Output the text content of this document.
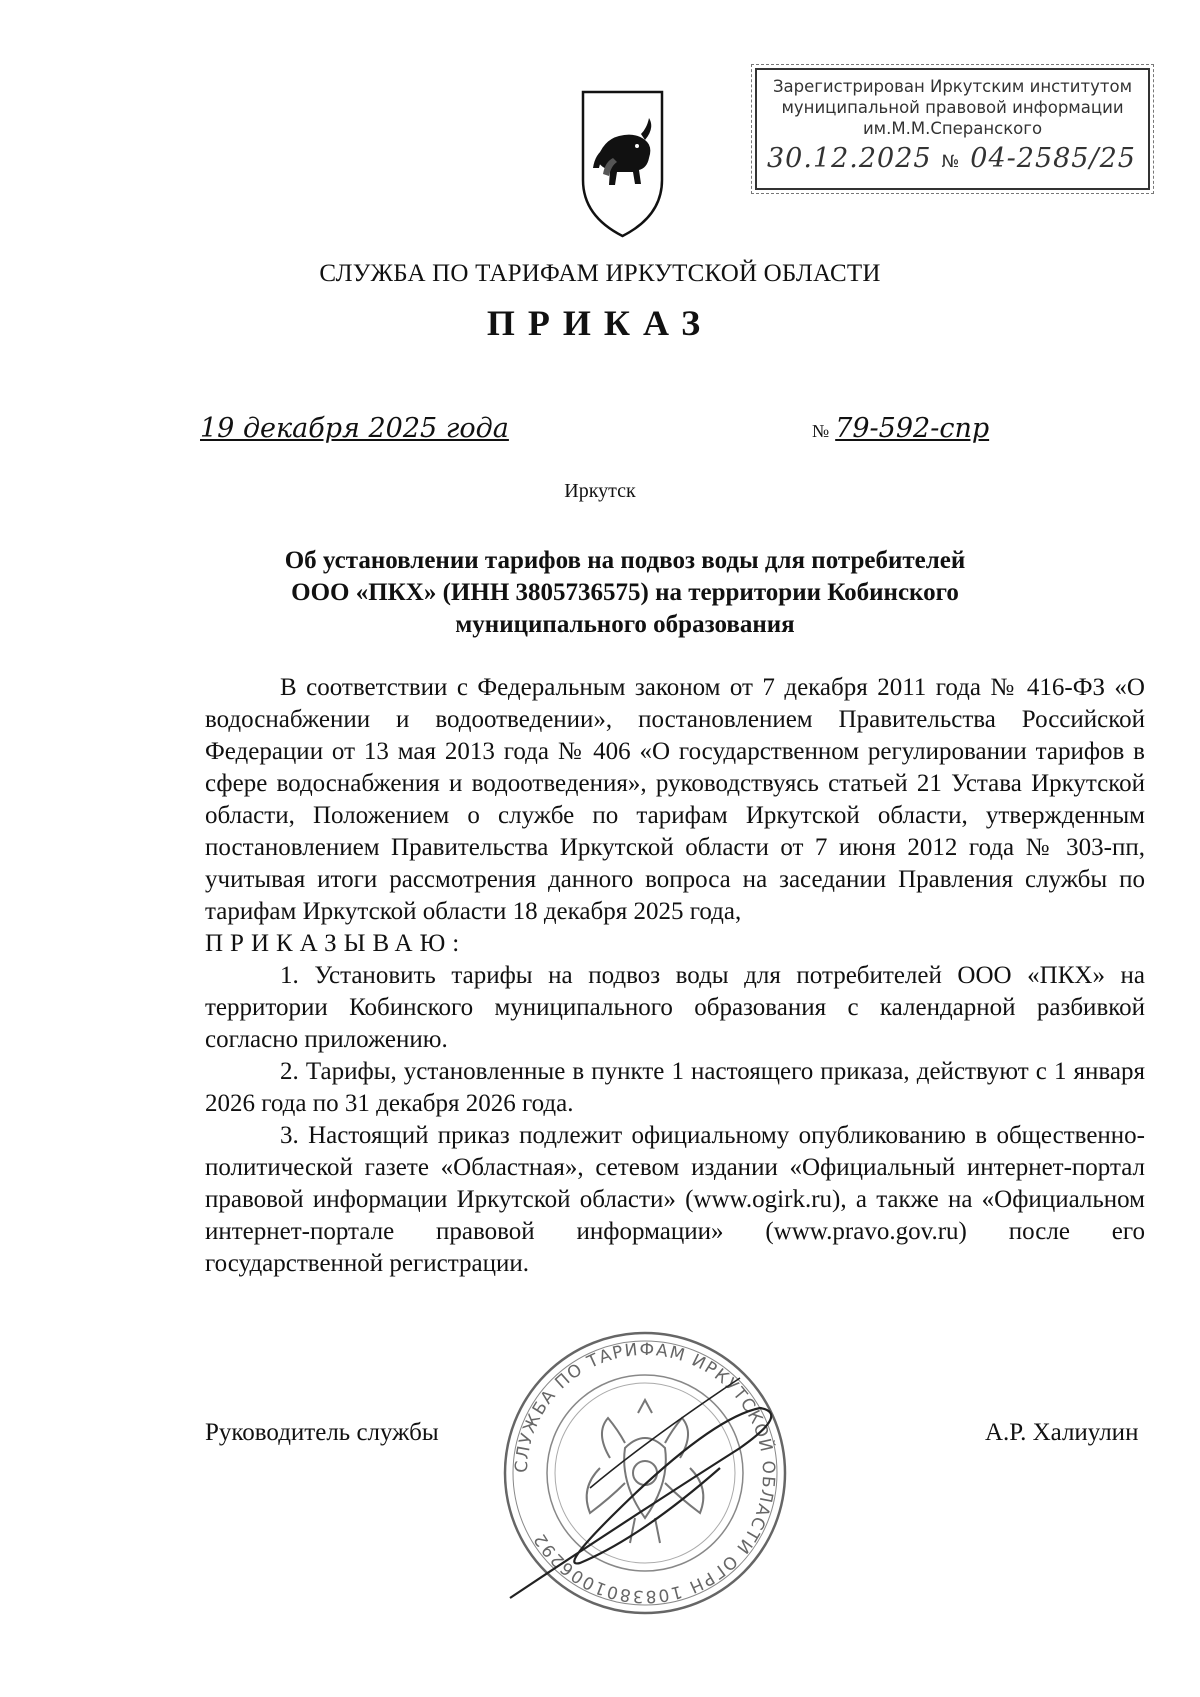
Зарегистрирован Иркутским институтом
муниципальной правовой информации
им.М.М.Сперанского
30.12.2025 № 04-2585/25
СЛУЖБА ПО ТАРИФАМ ИРКУТСКОЙ ОБЛАСТИ
ПРИКАЗ
19 декабря 2025 года	№ 79-592-спр
Иркутск
Об установлении тарифов на подвоз воды для потребителей
ООО «ПКХ» (ИНН 3805736575) на территории Кобинского
муниципального образования

В соответствии с Федеральным законом от 7 декабря 2011 года № 416-ФЗ «О водоснабжении и водоотведении», постановлением Правительства Российской Федерации от 13 мая 2013 года № 406 «О государственном регулировании тарифов в сфере водоснабжения и водоотведения», руководствуясь статьей 21 Устава Иркутской области, Положением о службе по тарифам Иркутской области, утвержденным постановлением Правительства Иркутской области от 7 июня 2012 года № 303-пп, учитывая итоги рассмотрения данного вопроса на заседании Правления службы по тарифам Иркутской области 18 декабря 2025 года,

ПРИКАЗЫВАЮ:

1. Установить тарифы на подвоз воды для потребителей ООО «ПКХ» на территории Кобинского муниципального образования с календарной разбивкой согласно приложению.

2. Тарифы, установленные в пункте 1 настоящего приказа, действуют с 1 января 2026 года по 31 декабря 2026 года.

3. Настоящий приказ подлежит официальному опубликованию в общественно-политической газете «Областная», сетевом издании «Официальный интернет-портал правовой информации Иркутской области» (www.ogirk.ru), а также на «Официальном интернет-портале правовой информации» (www.pravo.gov.ru) после его государственной регистрации.

Руководитель службы	А.Р. Халиулин
СЛУЖБА ПО ТАРИФАМ ИРКУТСКОЙ ОБЛАСТИ ОГРН 1083801006292
